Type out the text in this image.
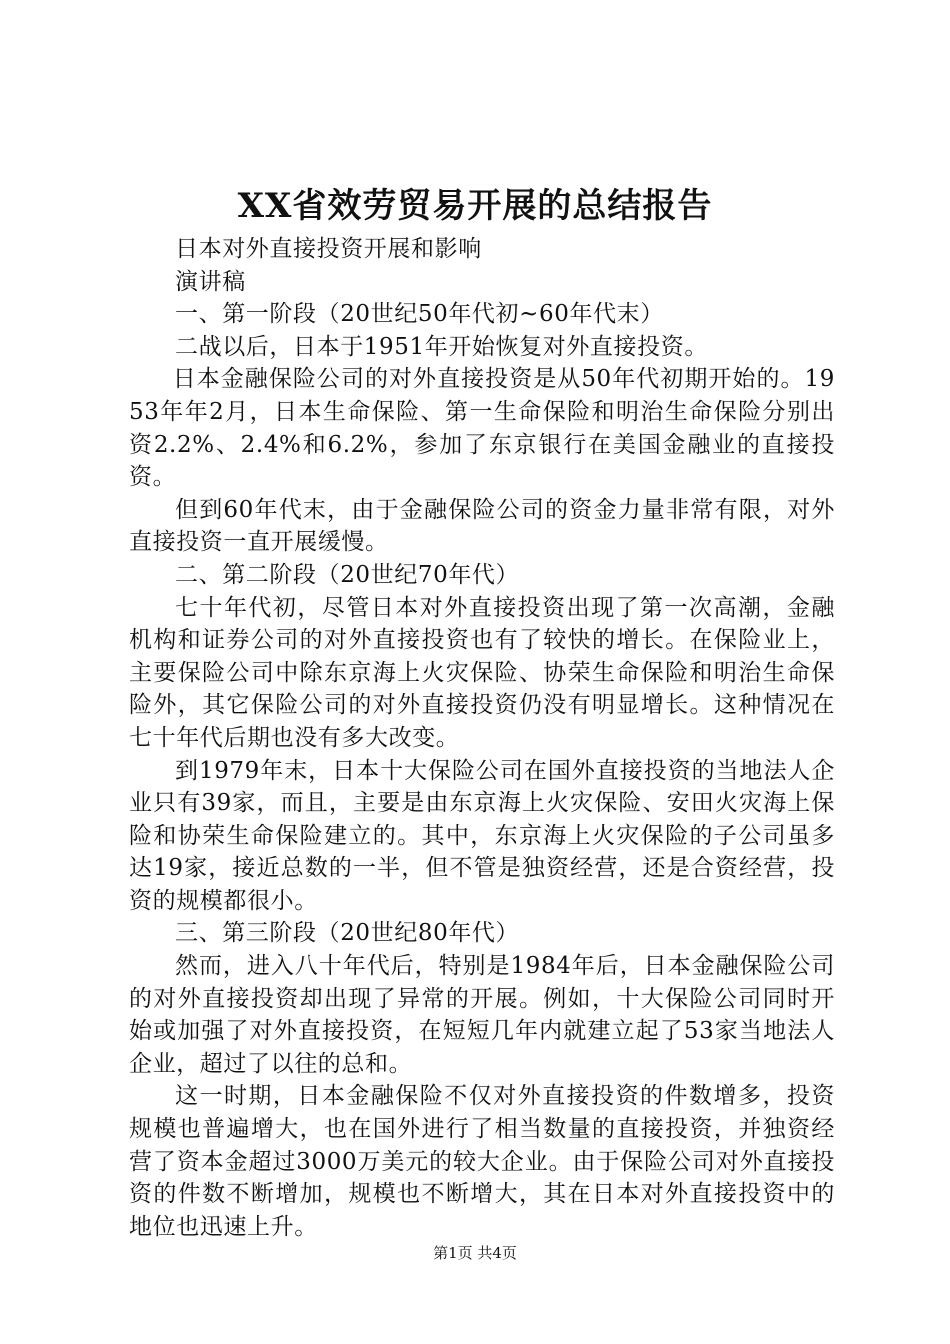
XX省效劳贸易开展的总结报告

日本对外直接投资开展和影响

演讲稿

一、第一阶段（20世纪50年代初~60年代末）

二战以后，日本于1951年开始恢复对外直接投资。

日本金融保险公司的对外直接投资是从50年代初期开始的。1953年年2月，日本生命保险、第一生命保险和明治生命保险分别出资2.2%、2.4%和6.2%，参加了东京银行在美国金融业的直接投资。

但到60年代末，由于金融保险公司的资金力量非常有限，对外直接投资一直开展缓慢。

二、第二阶段（20世纪70年代）

七十年代初，尽管日本对外直接投资出现了第一次高潮，金融机构和证券公司的对外直接投资也有了较快的增长。在保险业上，主要保险公司中除东京海上火灾保险、协荣生命保险和明治生命保险外，其它保险公司的对外直接投资仍没有明显增长。这种情况在七十年代后期也没有多大改变。

到1979年末，日本十大保险公司在国外直接投资的当地法人企业只有39家，而且，主要是由东京海上火灾保险、安田火灾海上保险和协荣生命保险建立的。其中，东京海上火灾保险的子公司虽多达19家，接近总数的一半，但不管是独资经营，还是合资经营，投资的规模都很小。

三、第三阶段（20世纪80年代）

然而，进入八十年代后，特别是1984年后，日本金融保险公司的对外直接投资却出现了异常的开展。例如，十大保险公司同时开始或加强了对外直接投资，在短短几年内就建立起了53家当地法人企业，超过了以往的总和。

这一时期，日本金融保险不仅对外直接投资的件数增多，投资规模也普遍增大，也在国外进行了相当数量的直接投资，并独资经营了资本金超过3000万美元的较大企业。由于保险公司对外直接投资的件数不断增加，规模也不断增大，其在日本对外直接投资中的地位也迅速上升。

第1页 共4页
